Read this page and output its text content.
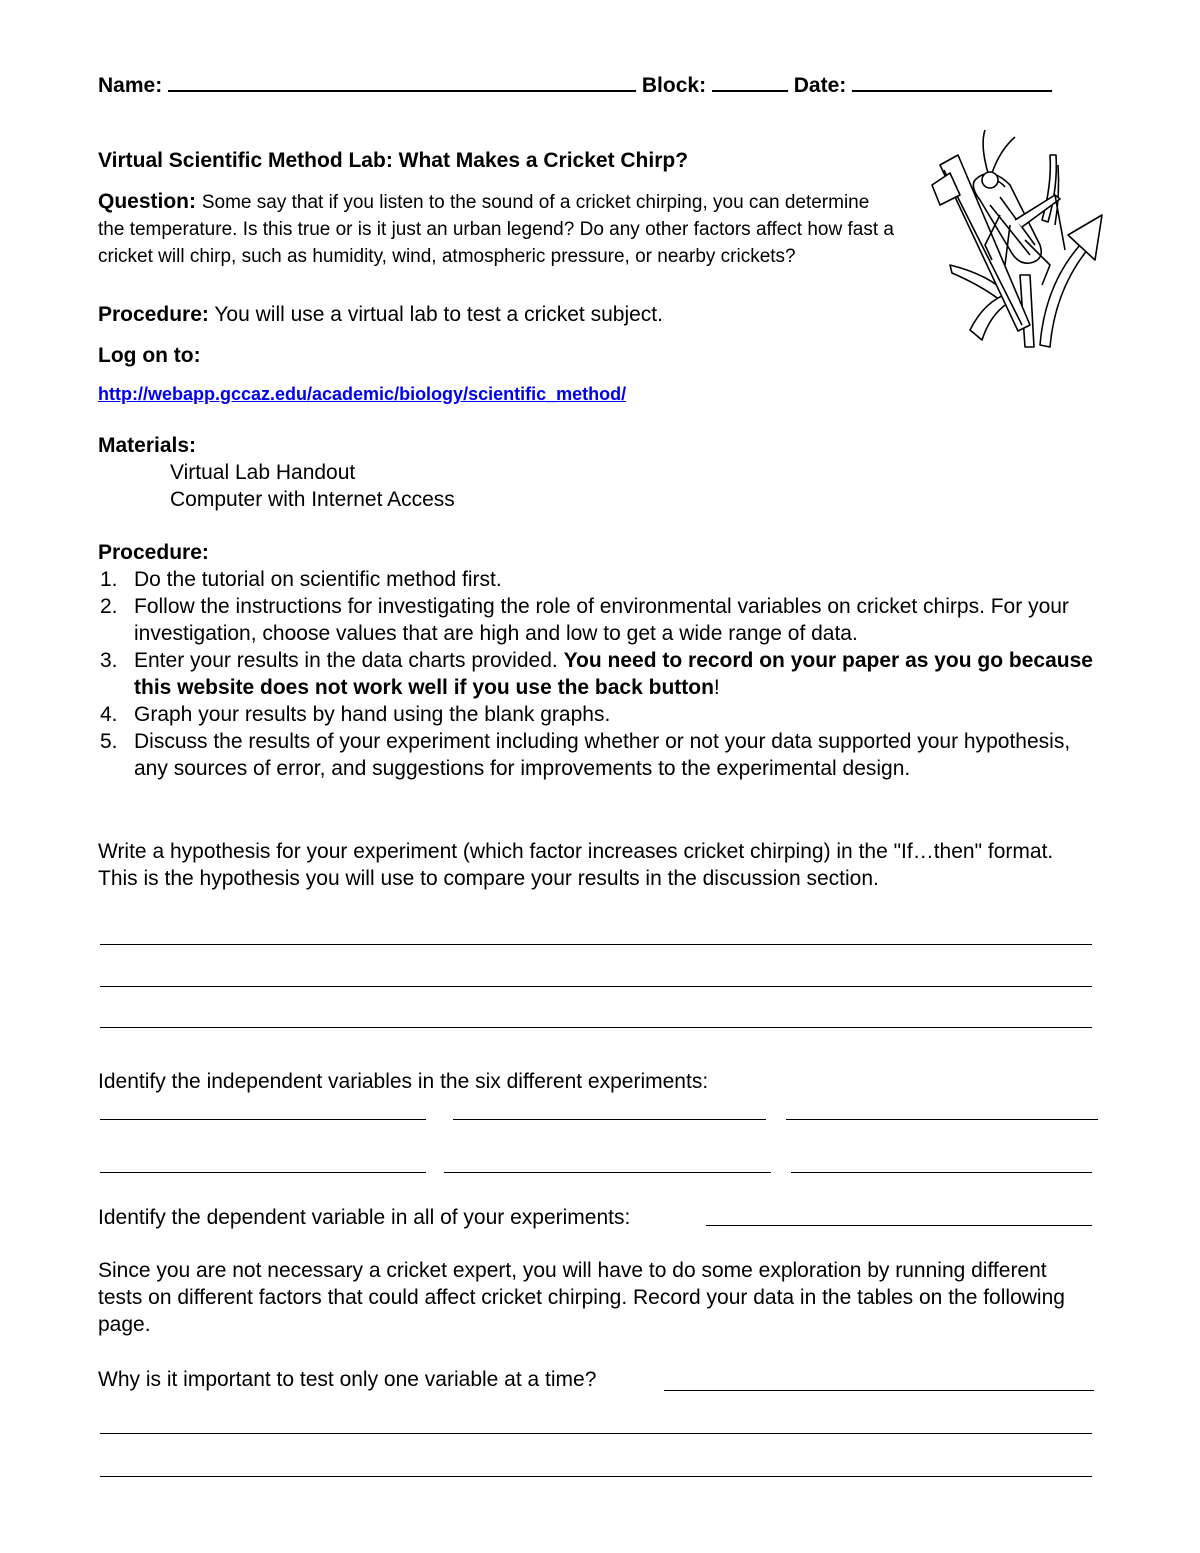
Name:	Block:	Date:
Virtual Scientific Method Lab: What Makes a Cricket Chirp?
Question: Some say that if you listen to the sound of a cricket chirping, you can determine the temperature. Is this true or is it just an urban legend? Do any other factors affect how fast a cricket will chirp, such as humidity, wind, atmospheric pressure, or nearby crickets?
Procedure: You will use a virtual lab to test a cricket subject.
Log on to:
http://webapp.gccaz.edu/academic/biology/scientific_method/
Materials:
Virtual Lab Handout
Computer with Internet Access
Procedure:
1. Do the tutorial on scientific method first.
2. Follow the instructions for investigating the role of environmental variables on cricket chirps. For your investigation, choose values that are high and low to get a wide range of data.
3. Enter your results in the data charts provided. You need to record on your paper as you go because this website does not work well if you use the back button!
4. Graph your results by hand using the blank graphs.
5. Discuss the results of your experiment including whether or not your data supported your hypothesis, any sources of error, and suggestions for improvements to the experimental design.
Write a hypothesis for your experiment (which factor increases cricket chirping) in the "If…then" format. This is the hypothesis you will use to compare your results in the discussion section.
Identify the independent variables in the six different experiments:
Identify the dependent variable in all of your experiments:
Since you are not necessary a cricket expert, you will have to do some exploration by running different tests on different factors that could affect cricket chirping. Record your data in the tables on the following page.
Why is it important to test only one variable at a time?
